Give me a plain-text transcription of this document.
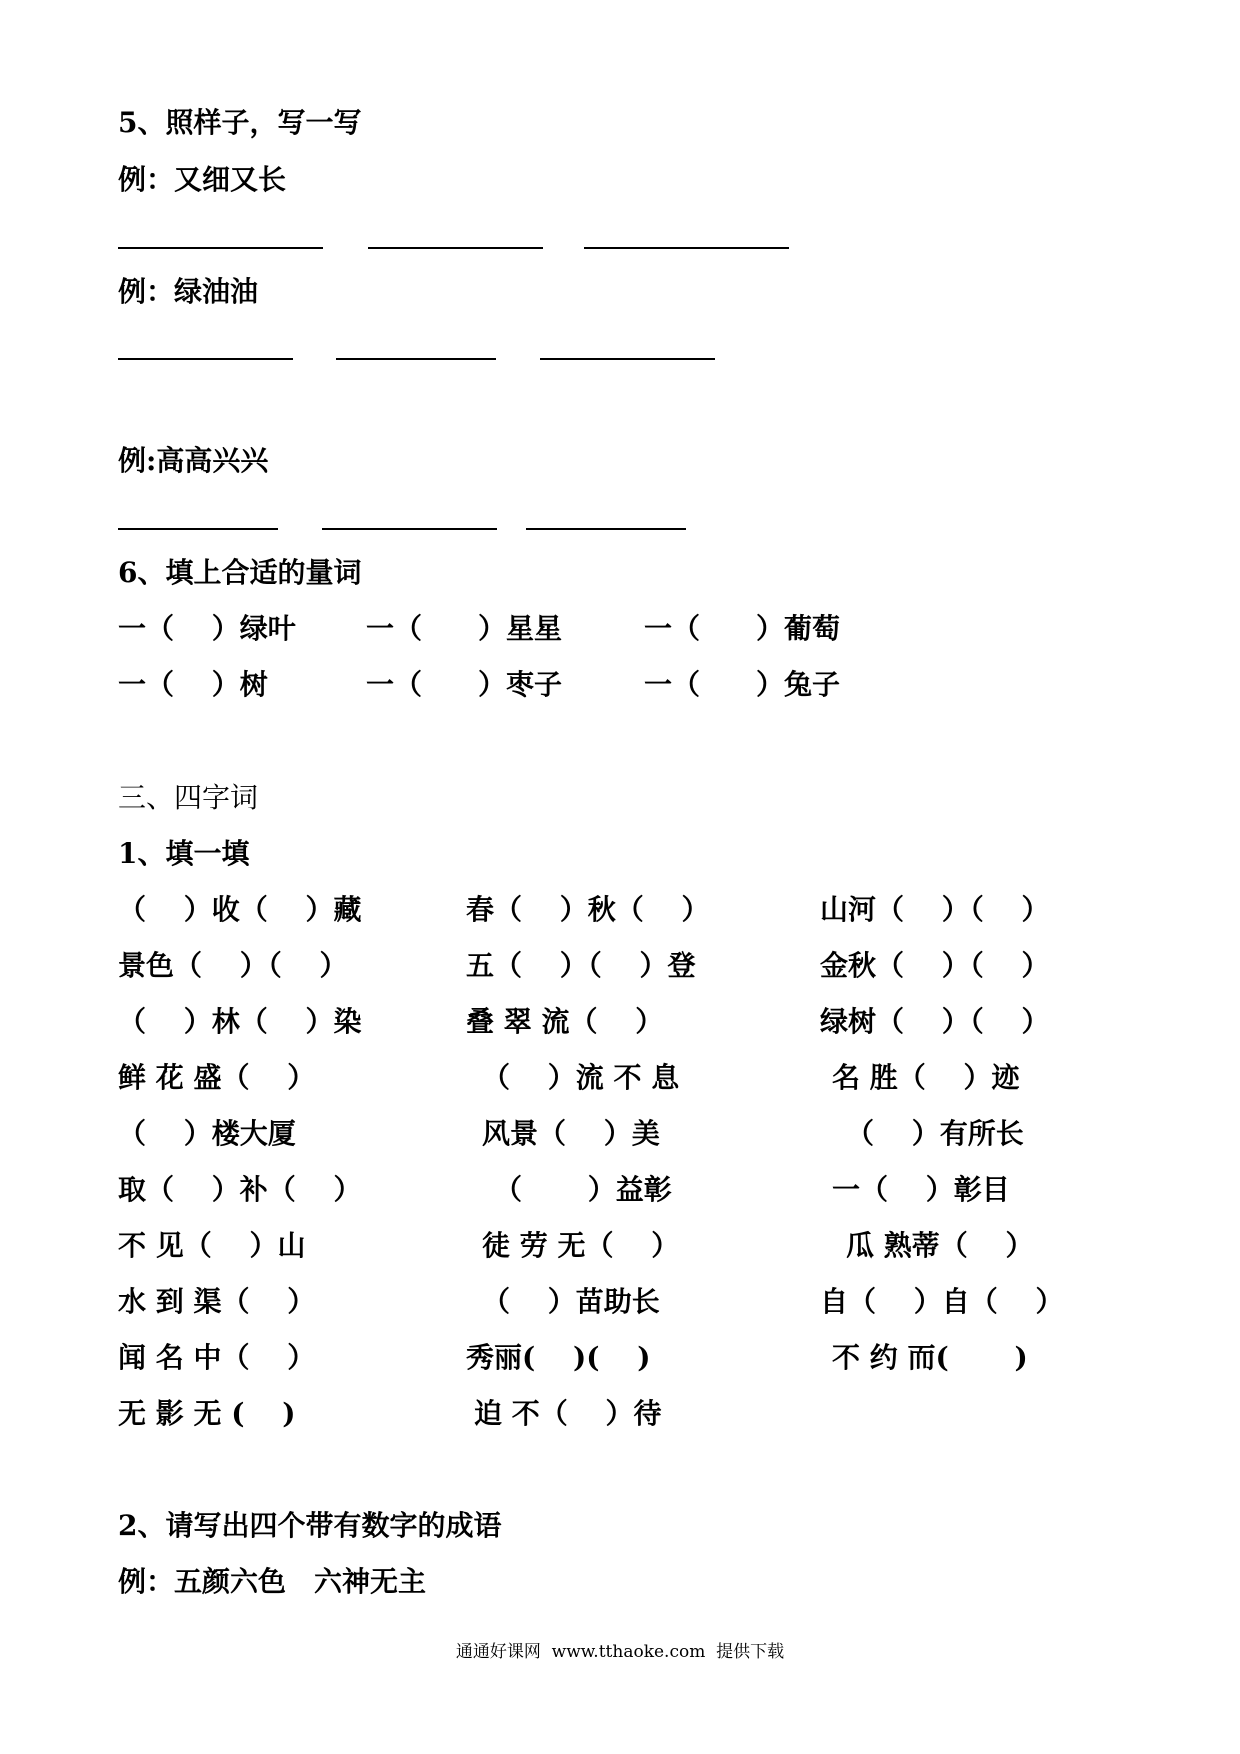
5、照样子，写一写
例：又细又长
例：绿油油
例:高高兴兴
6、填上合适的量词
一（　 ）绿叶	一（　　）星星	一（　　）葡萄
一（　 ）树	一（　　）枣子	一（　　）兔子
三、四字词
1、填一填
（　 ）收（　 ）藏	春（　 ）秋（　 ）	山河（　 ）（　 ）
景色（　 ）（　 ）	五（　 ）（　 ）登	金秋（　 ）（　 ）
（　 ）林（　 ）染	叠 翠 流（　 ）	绿树（　 ）（　 ）
鲜 花 盛（　 ）	（　 ）流 不 息	名 胜（　 ）迹
（　 ）楼大厦	风景（　 ）美	（　 ）有所长
取（　 ）补（　 ）	（　　 ）益彰	一（　 ）彰目
不 见（　 ）山	徒 劳 无（　 ）	瓜 熟蒂（　 ）
水 到 渠（　 ）	（　 ）苗助长	自（　 ）自（　 ）
闻 名 中（　 ）	秀丽(　 )(　 )	不 约 而(　 　)
无 影 无 (　 )	迫 不（　 ）待
2、请写出四个带有数字的成语
例：五颜六色　六神无主
通通好课网  www.tthaoke.com  提供下载
